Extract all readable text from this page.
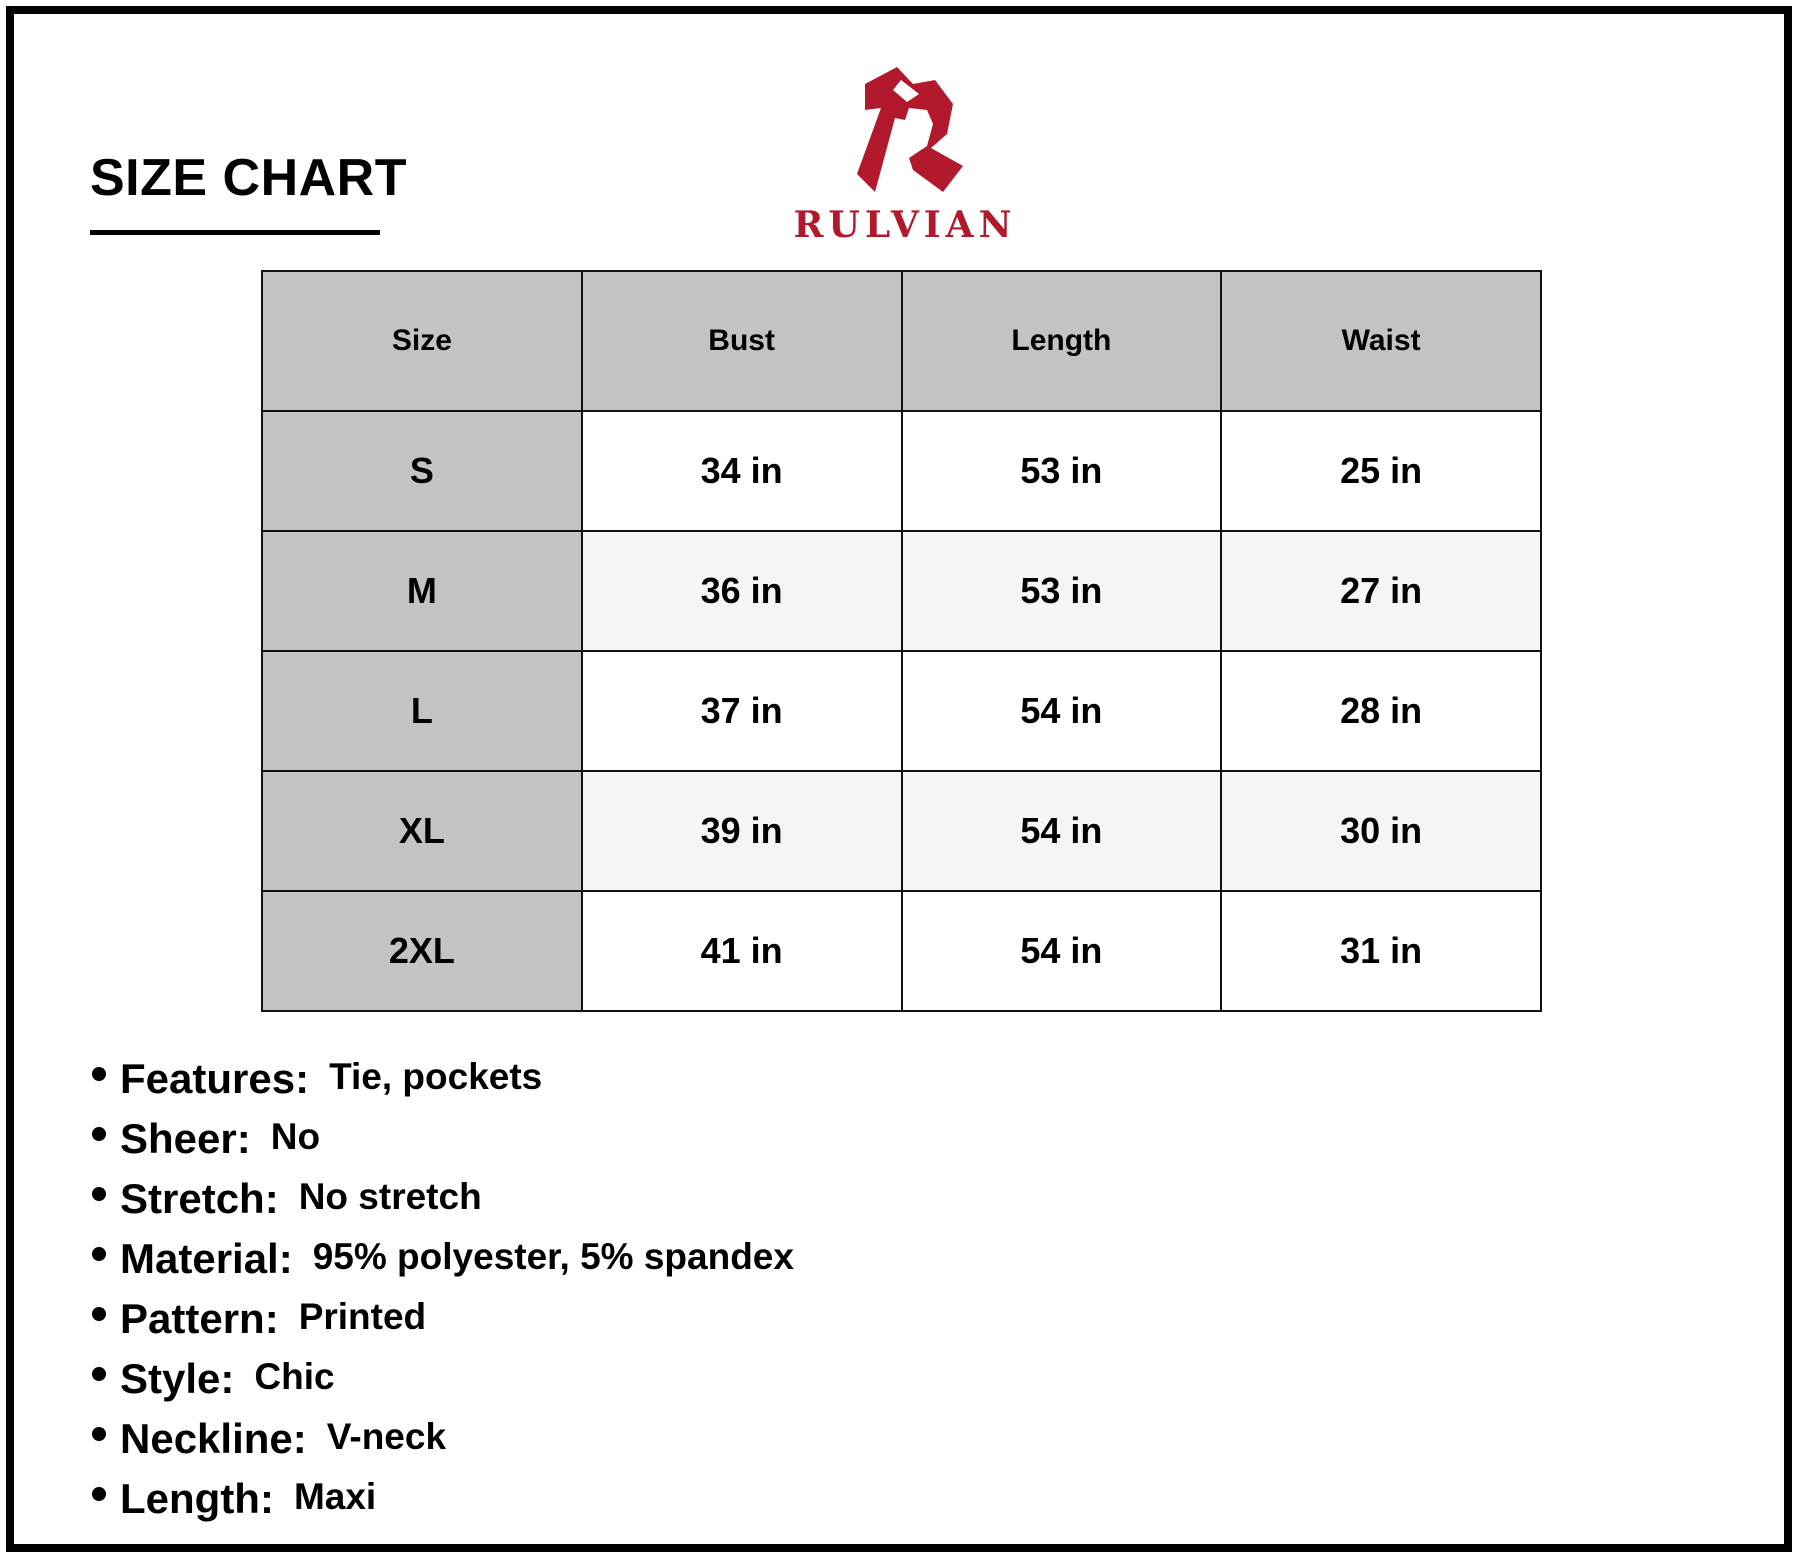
SIZE CHART
RULVIAN
Size	Bust	Length	Waist
S	34 in	53 in	25 in
M	36 in	53 in	27 in
L	37 in	54 in	28 in
XL	39 in	54 in	30 in
2XL	41 in	54 in	31 in
Features: Tie, pockets
Sheer: No
Stretch: No stretch
Material: 95% polyester, 5% spandex
Pattern: Printed
Style: Chic
Neckline: V-neck
Length: Maxi
